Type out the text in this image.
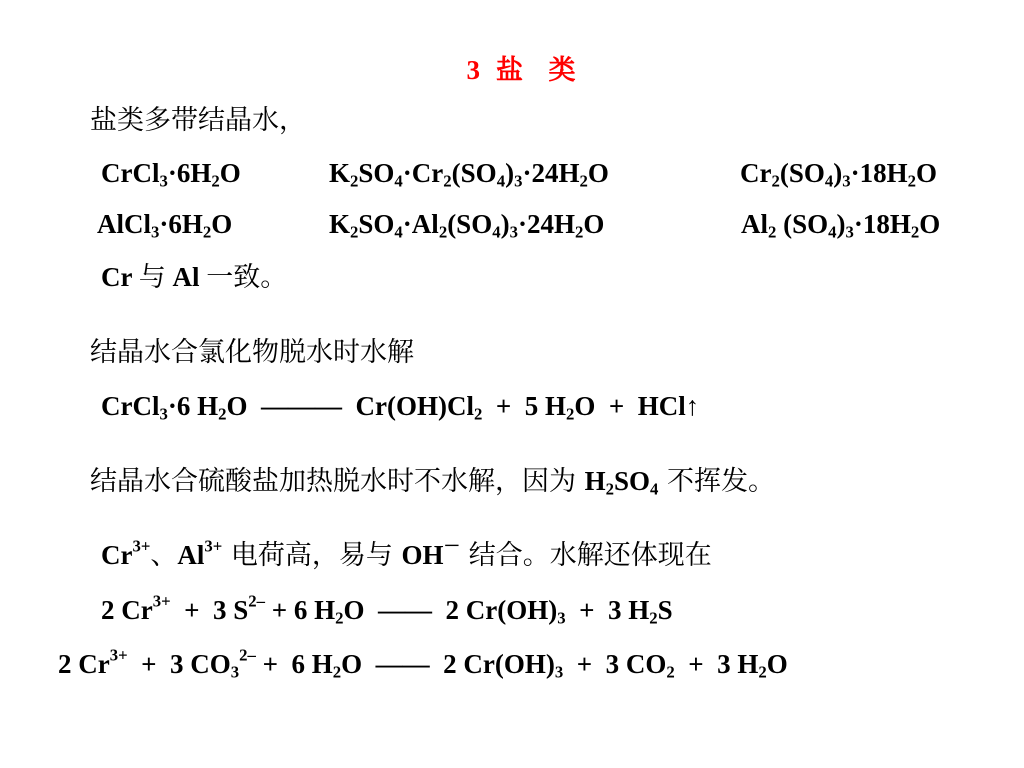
3 盐 类
盐类多带结晶水，
$CrCl_3\cdot 6H_2O$	$K_2SO_4\cdot Cr_2(SO_4)_3\cdot 24H_2O$	$Cr_2(SO_4)_3\cdot 18H_2O$
$AlCl_3\cdot 6H_2O$	$K_2SO_4\cdot Al_2(SO_4)_3\cdot 24H_2O$	$Al_2$ $(SO_4)_3\cdot 18H_2O$
Cr 与 Al 一致。
结晶水合氯化物脱水时水解
CrCl$_3$·6 $H_2O$  ———  $Cr(OH)Cl_2 + 5$ $H_2O$  +  HCl↑
结晶水合硫酸盐加热脱水时不水解，因为 $H_2SO_4$ 不挥发。
$Cr^{3+}$、$Al^{3+}$ 电荷高，易与 OH－ 结合。水解还体现在
2 $Cr^{3+} + 3$ $S^{2-} + 6$ $H_2O$  ——  2 $Cr(OH)_3 + 3$ $H_2S$
2 $Cr^{3+} + 3$ $CO_3^{2-} + 6$ $H_2O$  ——  2 $Cr(OH)_3 + 3$ $CO_2 + 3$ $H_2O$
